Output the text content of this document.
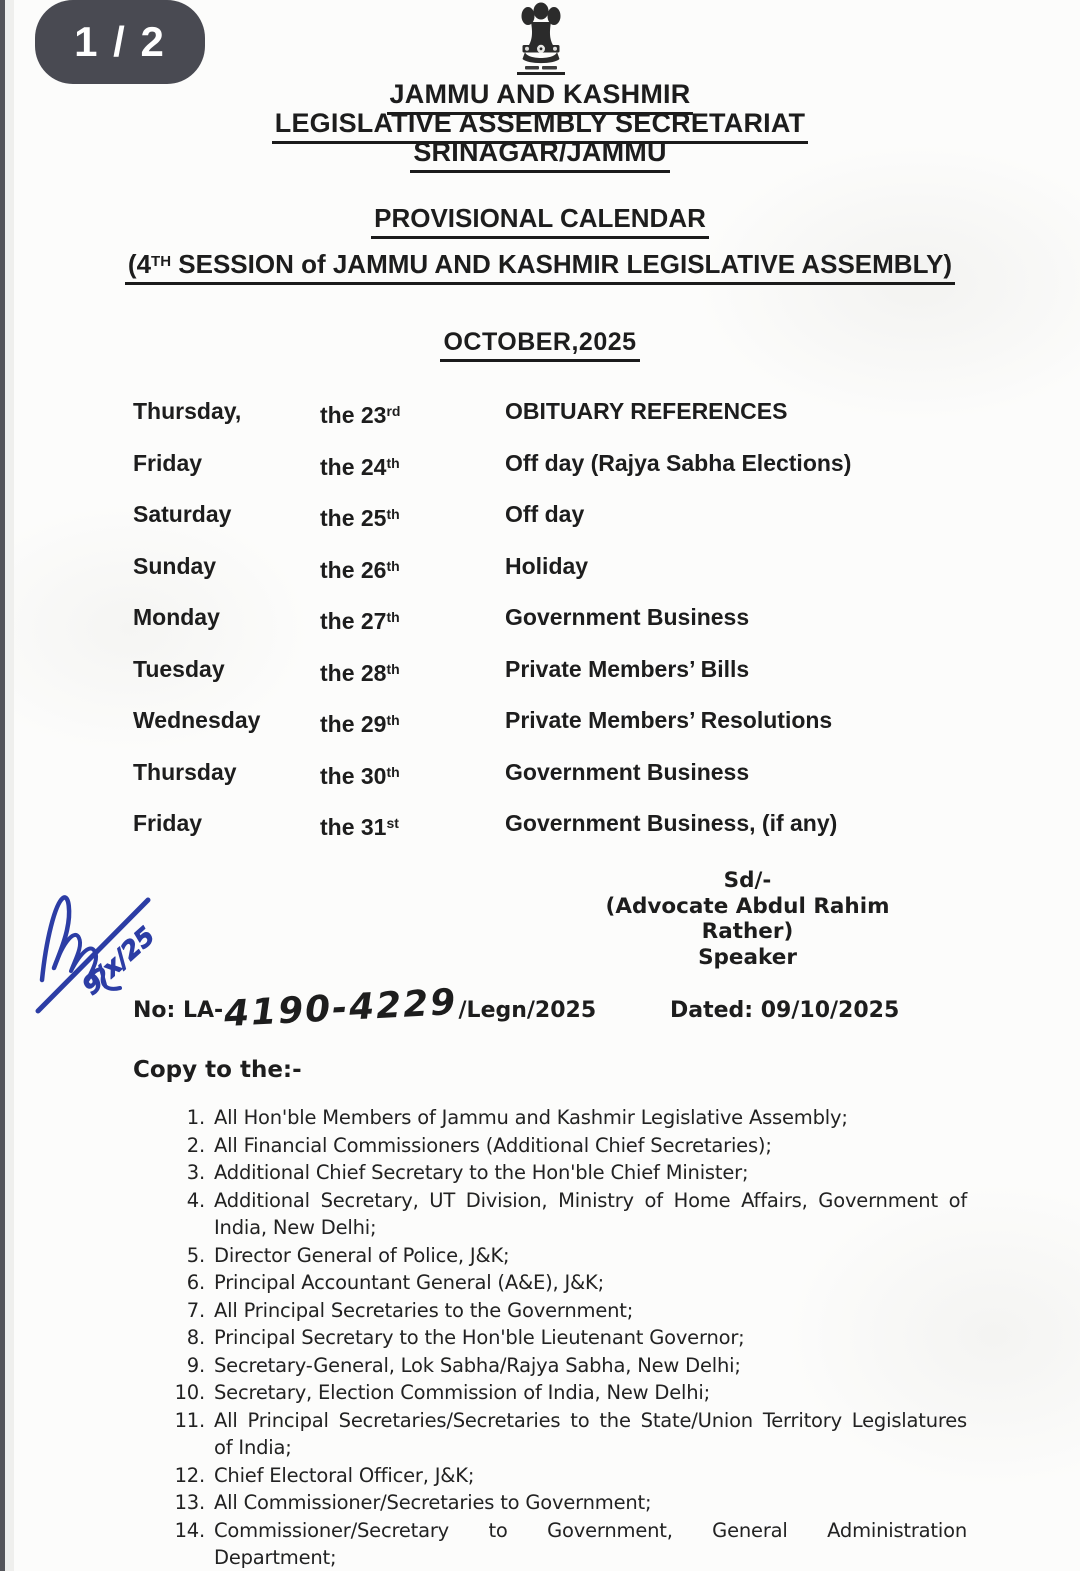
1 / 2
JAMMU AND KASHMIR
LEGISLATIVE ASSEMBLY SECRETARIAT
SRINAGAR/JAMMU
PROVISIONAL CALENDAR
(4TH SESSION of JAMMU AND KASHMIR LEGISLATIVE ASSEMBLY)
OCTOBER,2025
Thursday,	the 23rd	OBITUARY REFERENCES
Friday	the 24th	Off day (Rajya Sabha Elections)
Saturday	the 25th	Off day
Sunday	the 26th	Holiday
Monday	the 27th	Government Business
Tuesday	the 28th	Private Members’ Bills
Wednesday	the 29th	Private Members’ Resolutions
Thursday	the 30th	Government Business
Friday	the 31st	Government Business, (if any)
Sd/-
(Advocate Abdul Rahim Rather)
Speaker
9/x/25
No: LA-4190-4229/Legn/2025	Dated: 09/10/2025
Copy to the:-
1. All Hon'ble Members of Jammu and Kashmir Legislative Assembly;
2. All Financial Commissioners (Additional Chief Secretaries);
3. Additional Chief Secretary to the Hon'ble Chief Minister;
4. Additional Secretary, UT Division, Ministry of Home Affairs, Government of
India, New Delhi;
5. Director General of Police, J&K;
6. Principal Accountant General (A&E), J&K;
7. All Principal Secretaries to the Government;
8. Principal Secretary to the Hon'ble Lieutenant Governor;
9. Secretary-General, Lok Sabha/Rajya Sabha, New Delhi;
10. Secretary, Election Commission of India, New Delhi;
11. All Principal Secretaries/Secretaries to the State/Union Territory Legislatures
of India;
12. Chief Electoral Officer, J&K;
13. All Commissioner/Secretaries to Government;
14. Commissioner/Secretary to Government, General Administration
Department;
